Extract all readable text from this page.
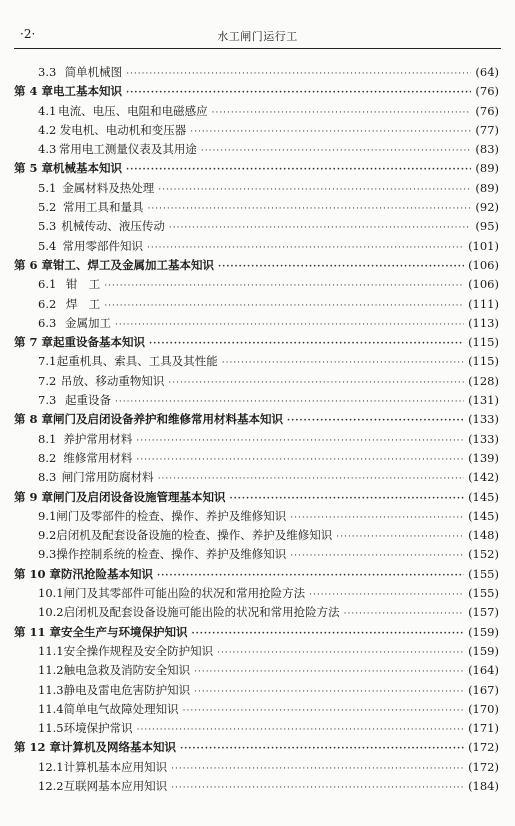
·2·	水工闸门运行工
3.3 简单机械图 ·····	(64)
第 4 章 电工基本知识 ·····	(76)
4.1 电流、电压、电阻和电磁感应 ·····	(76)
4.2 发电机、电动机和变压器 ·····	(77)
4.3 常用电工测量仪表及其用途 ·····	(83)
第 5 章 机械基本知识 ·····	(89)
5.1 金属材料及热处理 ·····	(89)
5.2 常用工具和量具 ·····	(92)
5.3 机械传动、液压传动 ·····	(95)
5.4 常用零部件知识 ·····	(101)
第 6 章 钳工、焊工及金属加工基本知识 ·····	(106)
6.1 钳　工 ·····	(106)
6.2 焊　工 ·····	(111)
6.3 金属加工 ·····	(113)
第 7 章 起重设备基本知识 ·····	(115)
7.1 起重机具、索具、工具及其性能 ·····	(115)
7.2 吊放、移动重物知识 ·····	(128)
7.3 起重设备 ·····	(131)
第 8 章 闸门及启闭设备养护和维修常用材料基本知识 ·····	(133)
8.1 养护常用材料 ·····	(133)
8.2 维修常用材料 ·····	(139)
8.3 闸门常用防腐材料 ·····	(142)
第 9 章 闸门及启闭设备设施管理基本知识 ·····	(145)
9.1 闸门及零部件的检查、操作、养护及维修知识 ·····	(145)
9.2 启闭机及配套设备设施的检查、操作、养护及维修知识 ·····	(148)
9.3 操作控制系统的检查、操作、养护及维修知识 ·····	(152)
第 10 章 防汛抢险基本知识 ·····	(155)
10.1 闸门及其零部件可能出险的状况和常用抢险方法 ·····	(155)
10.2 启闭机及配套设备设施可能出险的状况和常用抢险方法 ·····	(157)
第 11 章 安全生产与环境保护知识 ·····	(159)
11.1 安全操作规程及安全防护知识 ·····	(159)
11.2 触电急救及消防安全知识 ·····	(164)
11.3 静电及雷电危害防护知识 ·····	(167)
11.4 简单电气故障处理知识 ·····	(170)
11.5 环境保护常识 ·····	(171)
第 12 章 计算机及网络基本知识 ·····	(172)
12.1 计算机基本应用知识 ·····	(172)
12.2 互联网基本应用知识 ·····	(184)
